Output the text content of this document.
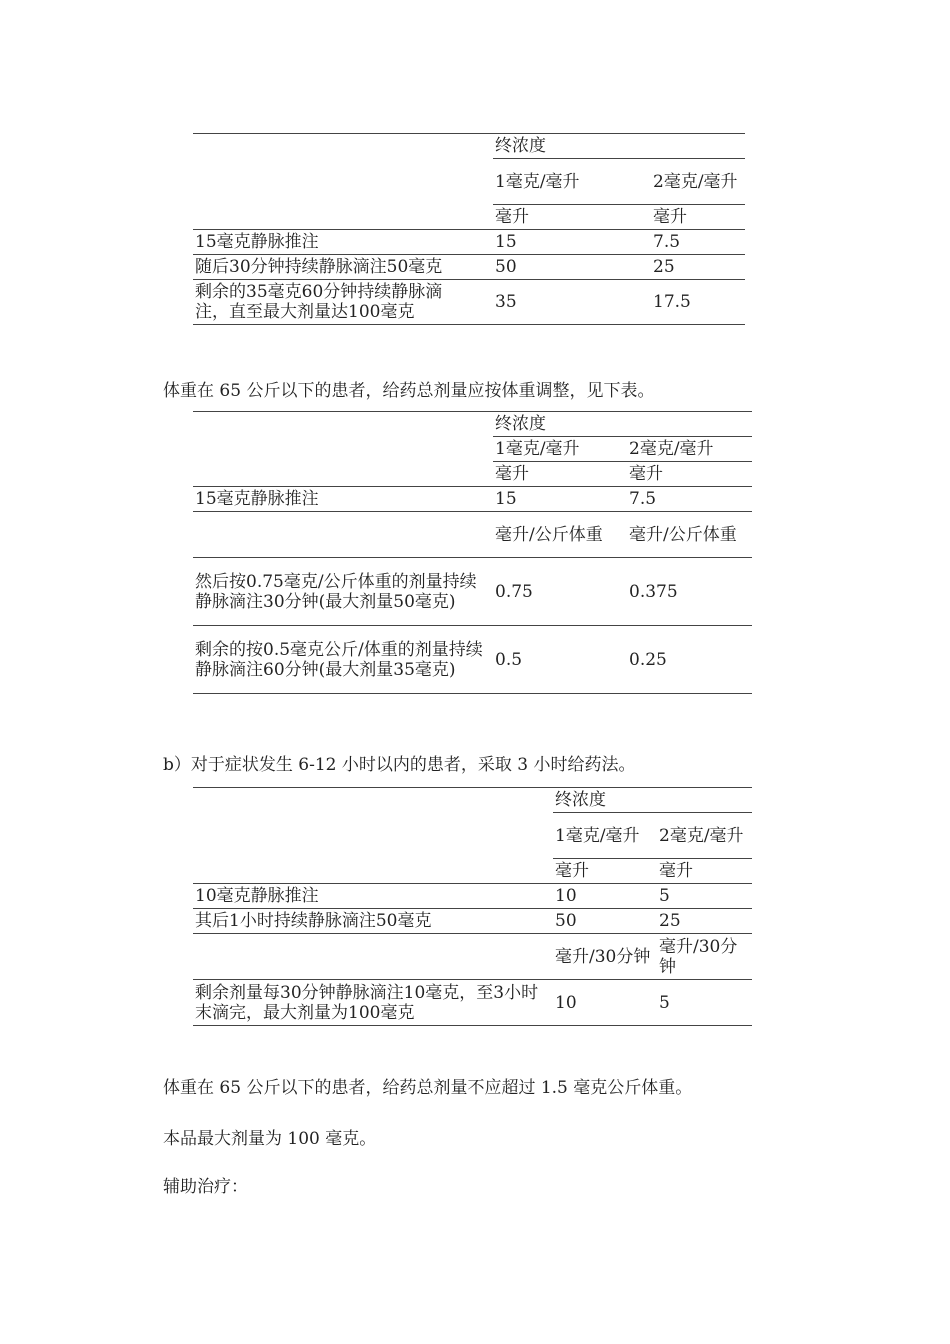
	终浓度	
	1毫克/毫升	2毫克/毫升
	毫升	毫升
15毫克静脉推注	15	7.5
随后30分钟持续静脉滴注50毫克	50	25
剩余的35毫克60分钟持续静脉滴注，直至最大剂量达100毫克	35	17.5
体重在 65 公斤以下的患者，给药总剂量应按体重调整，见下表。
	终浓度	
	1毫克/毫升	2毫克/毫升
	毫升	毫升
15毫克静脉推注	15	7.5
	毫升/公斤体重	毫升/公斤体重
然后按0.75毫克/公斤体重的剂量持续静脉滴注30分钟(最大剂量50毫克)	0.75	0.375
剩余的按0.5毫克公斤/体重的剂量持续静脉滴注60分钟(最大剂量35毫克)	0.5	0.25
b）对于症状发生 6-12 小时以内的患者，采取 3 小时给药法。
	终浓度	
	1毫克/毫升	2毫克/毫升
	毫升	毫升
10毫克静脉推注	10	5
其后1小时持续静脉滴注50毫克	50	25
	毫升/30分钟	毫升/30分钟
剩余剂量每30分钟静脉滴注10毫克，至3小时末滴完，最大剂量为100毫克	10	5
体重在 65 公斤以下的患者，给药总剂量不应超过 1.5 毫克公斤体重。
本品最大剂量为 100 毫克。
辅助治疗：
